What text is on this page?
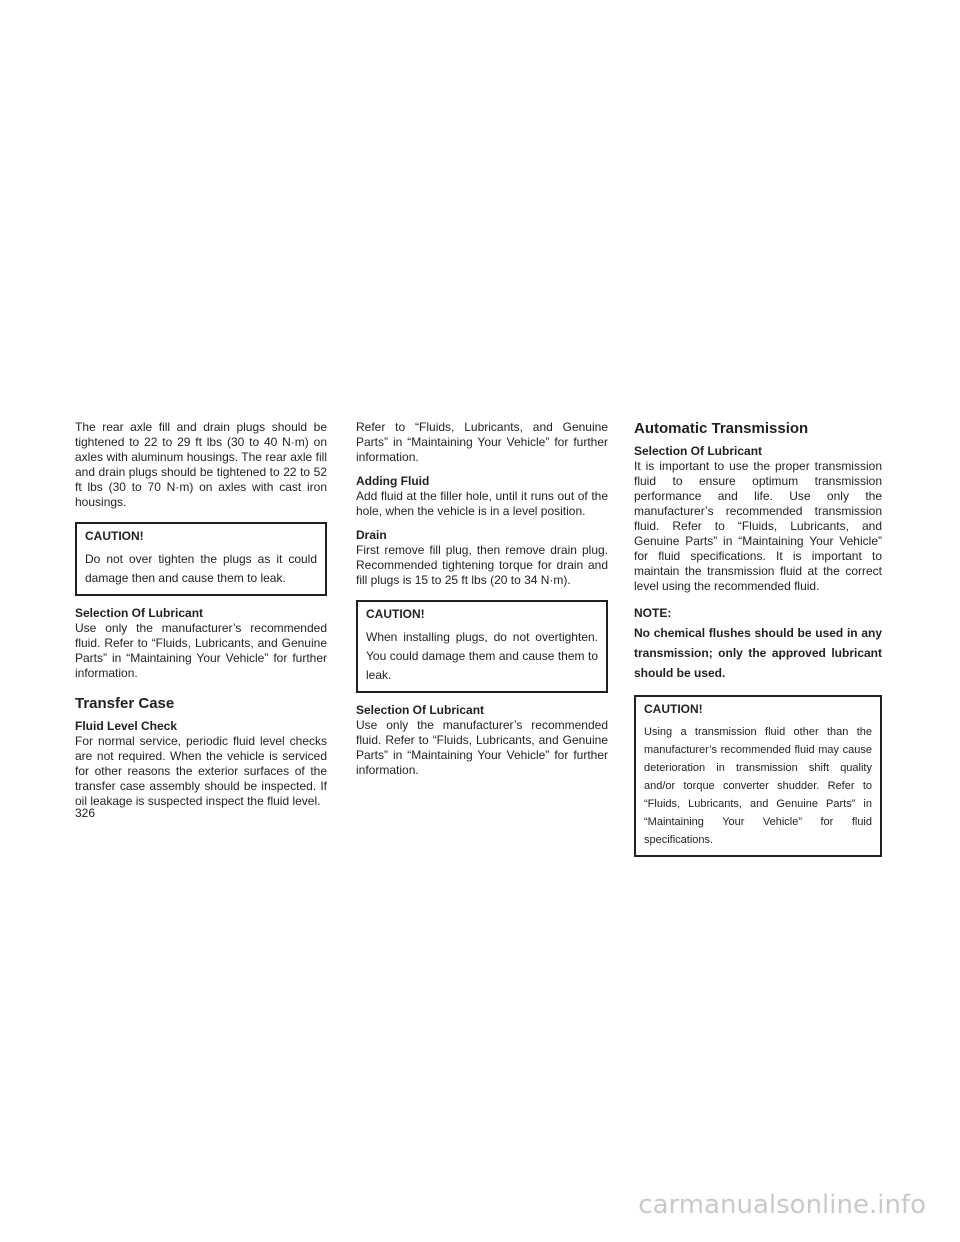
The rear axle fill and drain plugs should be tightened to 22 to 29 ft lbs (30 to 40 N·m) on axles with aluminum housings. The rear axle fill and drain plugs should be tightened to 22 to 52 ft lbs (30 to 70 N·m) on axles with cast iron housings.

CAUTION!
Do not over tighten the plugs as it could damage then and cause them to leak.

Selection Of Lubricant
Use only the manufacturer’s recommended fluid. Refer to “Fluids, Lubricants, and Genuine Parts” in “Maintaining Your Vehicle” for further information.

Transfer Case

Fluid Level Check
For normal service, periodic fluid level checks are not required. When the vehicle is serviced for other reasons the exterior surfaces of the transfer case assembly should be inspected. If oil leakage is suspected inspect the fluid level.

Refer to “Fluids, Lubricants, and Genuine Parts” in “Maintaining Your Vehicle” for further information.

Adding Fluid
Add fluid at the filler hole, until it runs out of the hole, when the vehicle is in a level position.

Drain
First remove fill plug, then remove drain plug. Recommended tightening torque for drain and fill plugs is 15 to 25 ft lbs (20 to 34 N·m).

CAUTION!
When installing plugs, do not overtighten. You could damage them and cause them to leak.

Selection Of Lubricant
Use only the manufacturer’s recommended fluid. Refer to “Fluids, Lubricants, and Genuine Parts” in “Maintaining Your Vehicle” for further information.

Automatic Transmission

Selection Of Lubricant
It is important to use the proper transmission fluid to ensure optimum transmission performance and life. Use only the manufacturer’s recommended transmission fluid. Refer to “Fluids, Lubricants, and Genuine Parts” in “Maintaining Your Vehicle” for fluid specifications. It is important to maintain the transmission fluid at the correct level using the recommended fluid.

NOTE:
No chemical flushes should be used in any transmission; only the approved lubricant should be used.
CAUTION!
Using a transmission fluid other than the manufacturer’s recommended fluid may cause deterioration in transmission shift quality and/or torque converter shudder. Refer to “Fluids, Lubricants, and Genuine Parts” in “Maintaining Your Vehicle” for fluid specifications.
326
carmanualsonline.info
